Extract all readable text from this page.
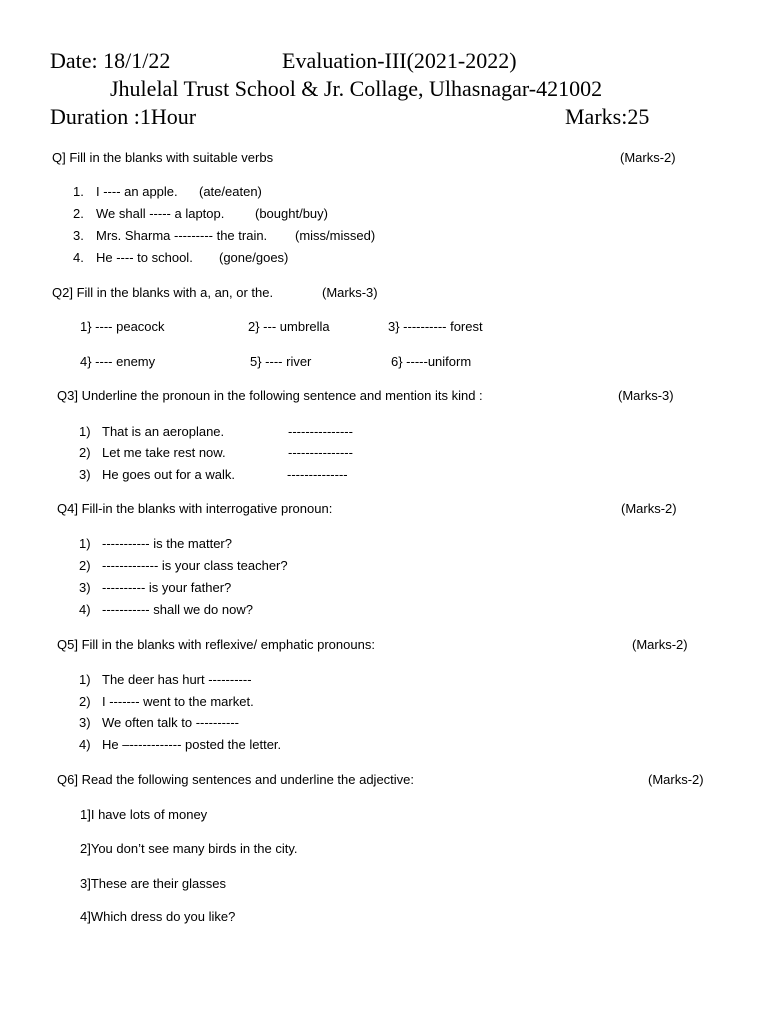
Date: 18/1/22	Evaluation-III(2021-2022)
Jhulelal Trust School & Jr. Collage, Ulhasnagar-421002
Duration :1Hour	Marks:25
Q] Fill in the blanks with suitable verbs	(Marks-2)
1. I ---- an apple. (ate/eaten)
2. We shall ----- a laptop. (bought/buy)
3. Mrs. Sharma --------- the train. (miss/missed)
4. He ---- to school. (gone/goes)
Q2] Fill in the blanks with a, an, or the.	(Marks-3)
1} ---- peacock	2} --- umbrella	3} ---------- forest
4} ---- enemy	5} ---- river	6} -----uniform
Q3] Underline the pronoun in the following sentence and mention its kind :	(Marks-3)
1) That is an aeroplane.	---------------
2) Let me take rest now.	---------------
3) He goes out for a walk.	--------------
Q4] Fill-in the blanks with interrogative pronoun:	(Marks-2)
1) ----------- is the matter?
2) ------------- is your class teacher?
3) ---------- is your father?
4) ----------- shall we do now?
Q5] Fill in the blanks with reflexive/ emphatic pronouns:	(Marks-2)
1) The deer has hurt ----------
2) I ------- went to the market.
3) We often talk to ----------
4) He –------------ posted the letter.
Q6] Read the following sentences and underline the adjective:	(Marks-2)
1]I have lots of money
2]You don’t see many birds in the city.
3]These are their glasses
4]Which dress do you like?
